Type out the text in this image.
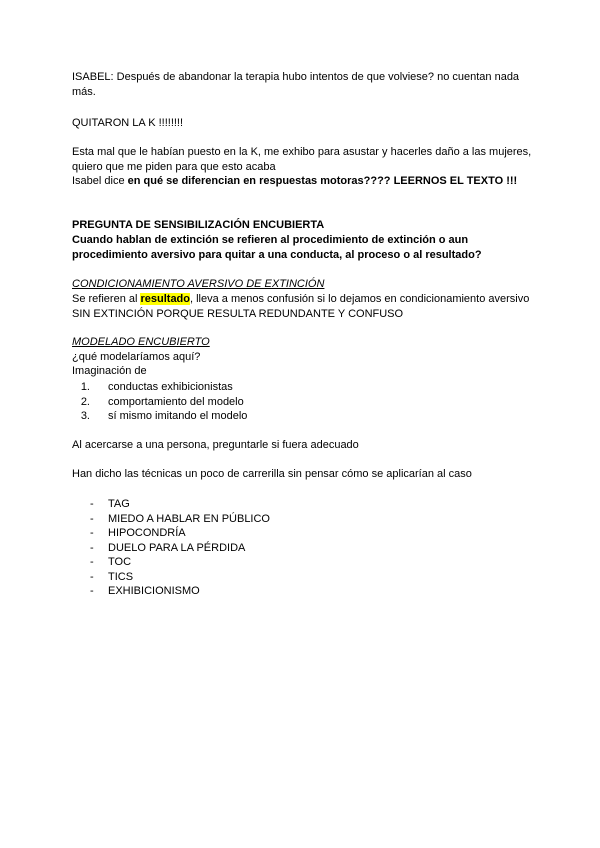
ISABEL: Después de abandonar la terapia hubo intentos de que volviese? no cuentan nada más.

QUITARON LA K !!!!!!!!

Esta mal que le habían puesto en la K, me exhibo para asustar y hacerles daño a las mujeres, quiero que me piden para que esto acaba

Isabel dice en qué se diferencian en respuestas motoras???? LEERNOS EL TEXTO !!!

PREGUNTA DE SENSIBILIZACIÓN ENCUBIERTA

Cuando hablan de extinción se refieren al procedimiento de extinción o aun procedimiento aversivo para quitar a una conducta, al proceso o al resultado?

CONDICIONAMIENTO AVERSIVO DE EXTINCIÓN

Se refieren al resultado, lleva a menos confusión si lo dejamos en condicionamiento aversivo SIN EXTINCIÓN PORQUE RESULTA REDUNDANTE Y CONFUSO

MODELADO ENCUBIERTO

¿qué modelaríamos aquí?

Imaginación de

1. conductas exhibicionistas
2. comportamiento del modelo
3. sí mismo imitando el modelo

Al acercarse a una persona, preguntarle si fuera adecuado

Han dicho las técnicas un poco de carrerilla sin pensar cómo se aplicarían al caso

- TAG
- MIEDO A HABLAR EN PÚBLICO
- HIPOCONDRÍA
- DUELO PARA LA PÉRDIDA
- TOC
- TICS
- EXHIBICIONISMO
